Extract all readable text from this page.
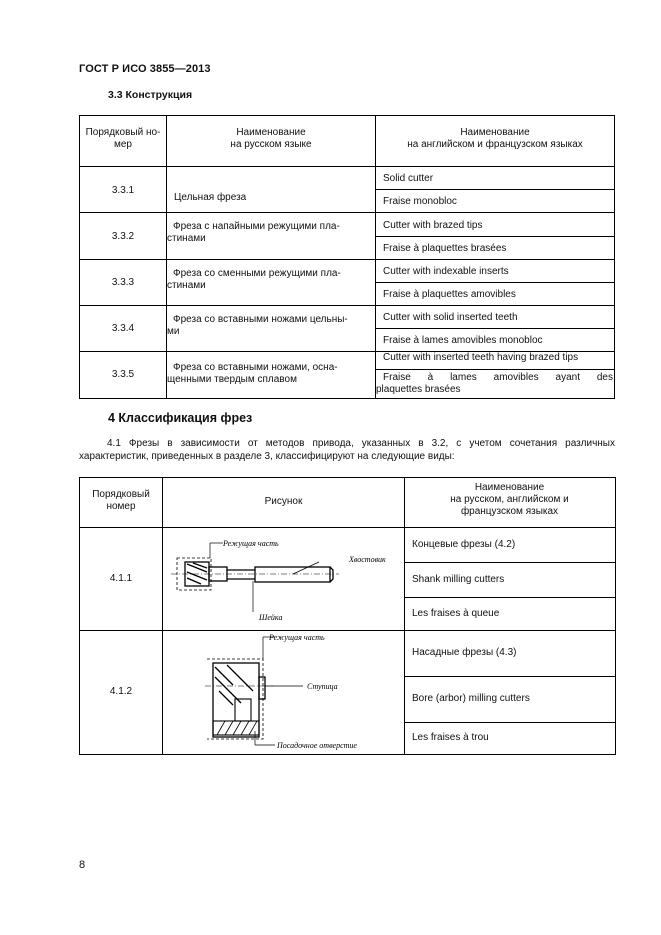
ГОСТ Р ИСО 3855—2013
3.3 Конструкция
Порядковый но-
мер
Наименование
на русском языке
Наименование
на английском и французском языках
3.3.1
Цельная фреза
Solid cutter
Fraise monobloc
3.3.2
Фреза с напайными режущими пла-
стинами
Cutter with brazed tips
Fraise à plaquettes brasées
3.3.3
Фреза со сменными режущими пла-
стинами
Cutter with indexable inserts
Fraise à plaquettes amovibles
3.3.4
Фреза со вставными ножами цельны-
ми
Cutter with solid inserted teeth
Fraise à lames amovibles monobloc
3.3.5
Фреза со вставными ножами, осна-
щенными твердым сплавом
Cutter with inserted teeth having brazed tips
Fraise à lames amovibles ayant des
plaquettes brasées
4 Классификация фрез
4.1 Фрезы в зависимости от методов привода, указанных в 3.2, с учетом сочетания различных характеристик, приведенных в разделе 3, классифицируют на следующие виды:
Порядковый
номер	Рисунок
Наименование
на русском, английском и
французском языках
4.1.1
Концевые фрезы (4.2)
Shank milling cutters
Les fraises à queue
Режущая часть
Хвостовик
Шейка
4.1.2
Насадные фрезы (4.3)
Bore (arbor) milling cutters
Les fraises à trou
Режущая часть
Ступица
Посадочное отверстие
8
